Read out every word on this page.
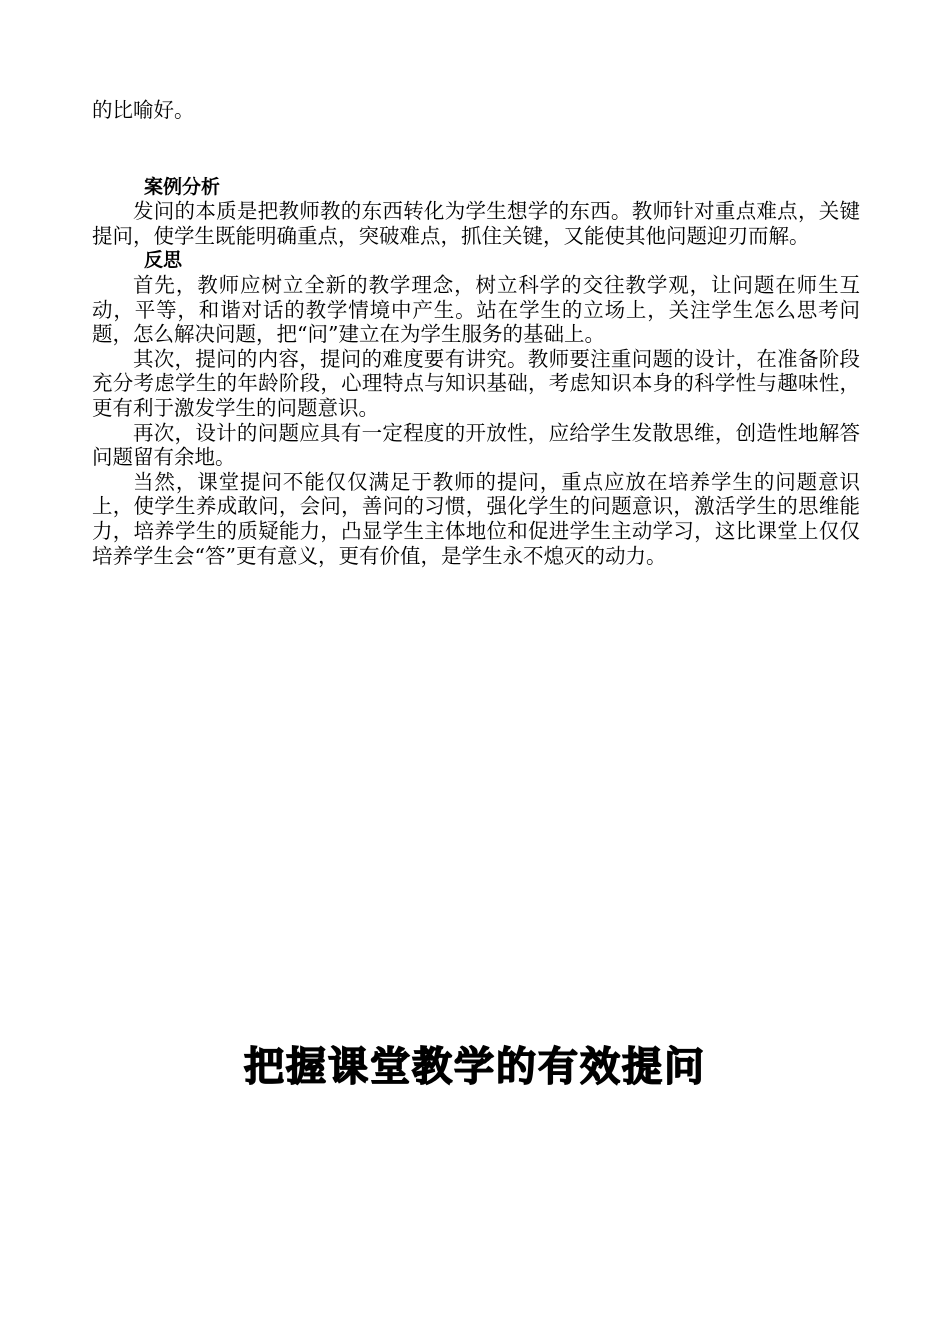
的比喻好。

案例分析

发问的本质是把教师教的东西转化为学生想学的东西。教师针对重点难点，关键提问，使学生既能明确重点，突破难点，抓住关键，又能使其他问题迎刃而解。

反思

首先，教师应树立全新的教学理念，树立科学的交往教学观，让问题在师生互动，平等，和谐对话的教学情境中产生。站在学生的立场上，关注学生怎么思考问题，怎么解决问题，把“问”建立在为学生服务的基础上。

其次，提问的内容，提问的难度要有讲究。教师要注重问题的设计，在准备阶段充分考虑学生的年龄阶段，心理特点与知识基础，考虑知识本身的科学性与趣味性，更有利于激发学生的问题意识。

再次，设计的问题应具有一定程度的开放性，应给学生发散思维，创造性地解答问题留有余地。

当然，课堂提问不能仅仅满足于教师的提问，重点应放在培养学生的问题意识上，使学生养成敢问，会问，善问的习惯，强化学生的问题意识，激活学生的思维能力，培养学生的质疑能力，凸显学生主体地位和促进学生主动学习，这比课堂上仅仅培养学生会“答”更有意义，更有价值，是学生永不熄灭的动力。

把握课堂教学的有效提问
